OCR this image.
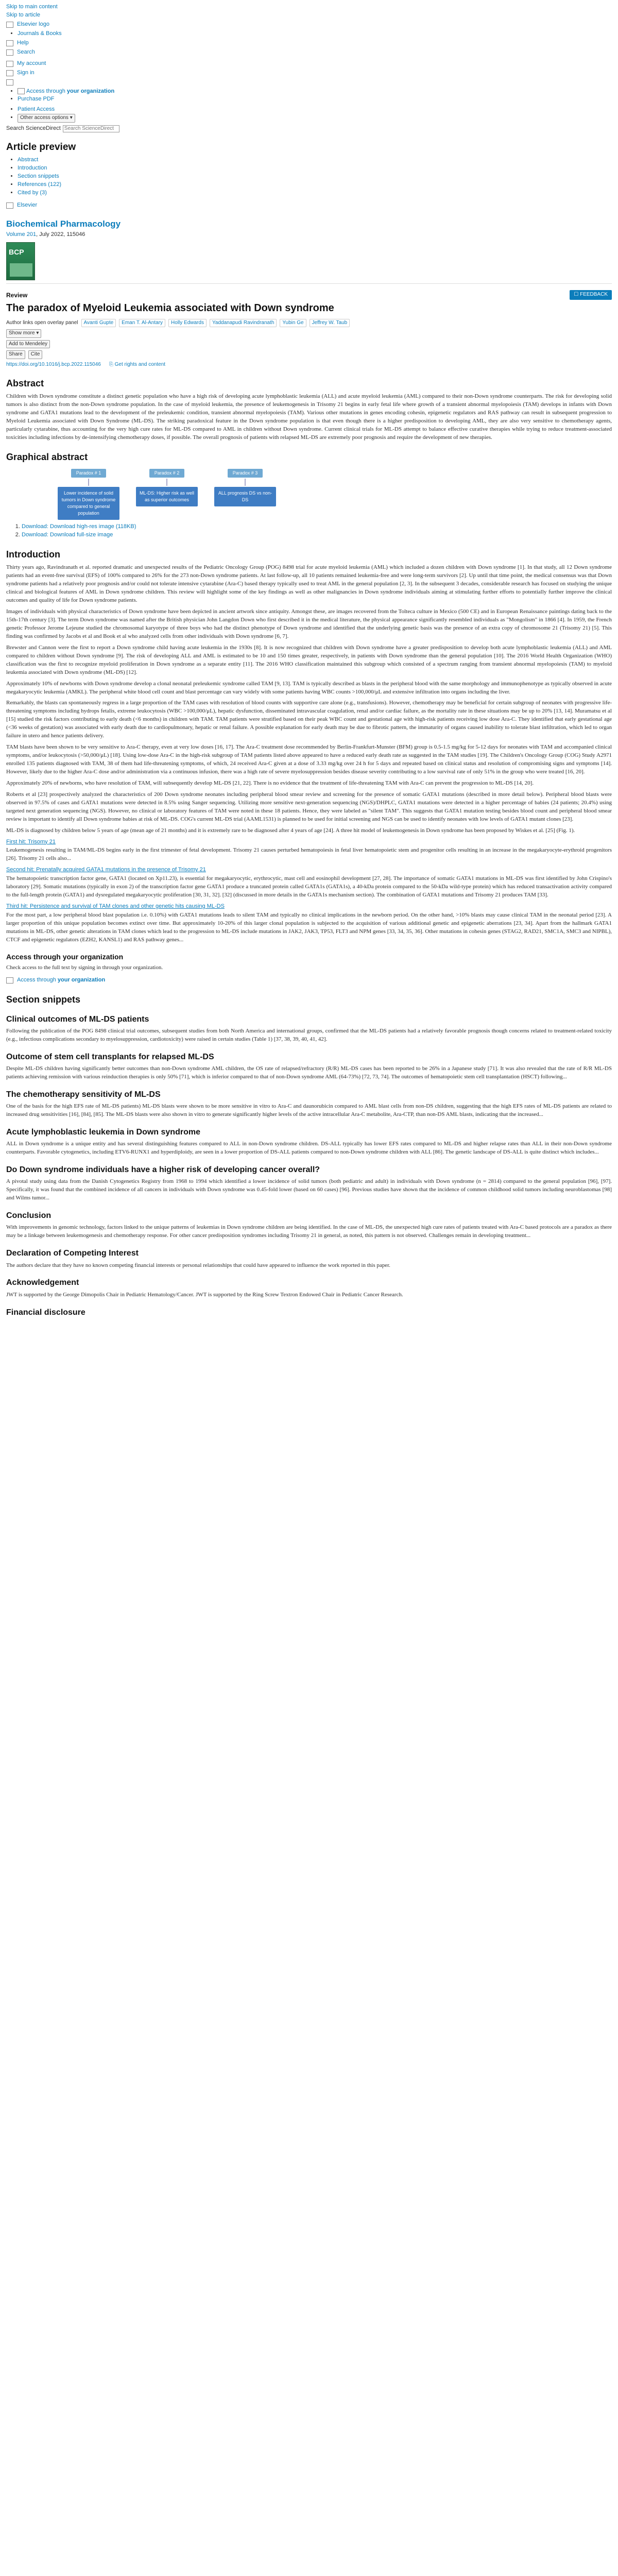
Skip to main content
Skip to article
Elsevier logo
• Journals & Books
Help
Search
My account
Sign in
• Access through your organization
• Purchase PDF
• Patient Access
• Other access options ▾
Search ScienceDirect
Search ScienceDirect
Article preview
• Abstract
• Introduction
• Section snippets
• References (122)
• Cited by (3)
Elsevier
Biochemical Pharmacology
Volume 201, July 2022, 115046
BCP
Review	☐ FEEDBACK
The paradox of Myeloid Leukemia associated with Down syndrome
Author links open overlay panel	Avanti Gupte	Eman T. Al-Antary	Holly Edwards	Yaddanapudi Ravindranath	Yubin Ge	Jeffrey W. Taub
Show more ▾
Add to Mendeley
Share	Cite
https://doi.org/10.1016/j.bcp.2022.115046 ⎘ Get rights and content
Abstract

Children with Down syndrome constitute a distinct genetic population who have a high risk of developing acute lymphoblastic leukemia (ALL) and acute myeloid leukemia (AML) compared to their non-Down syndrome counterparts. The risk for developing solid tumors is also distinct from the non-Down syndrome population. In the case of myeloid leukemia, the presence of leukemogenesis in Trisomy 21 begins in early fetal life where growth of a transient abnormal myelopoiesis (TAM) develops in infants with Down syndrome and GATA1 mutations lead to the development of the preleukemic condition, transient abnormal myelopoiesis (TAM). Various other mutations in genes encoding cohesin, epigenetic regulators and RAS pathway can result in subsequent progression to Myeloid Leukemia associated with Down Syndrome (ML-DS). The striking paradoxical feature in the Down syndrome population is that even though there is a higher predisposition to developing AML, they are also very sensitive to chemotherapy agents, particularly cytarabine, thus accounting for the very high cure rates for ML-DS compared to AML in children without Down syndrome. Current clinical trials for ML-DS attempt to balance effective curative therapies while trying to reduce treatment-associated toxicities including infections by de-intensifying chemotherapy doses, if possible. The overall prognosis of patients with relapsed ML-DS are extremely poor prognosis and require the development of new therapies.

Graphical abstract
Paradox # 1
Lower incidence of solid tumors in Down syndrome compared to general population
Paradox # 2
ML-DS: Higher risk as well as superior outcomes
Paradox # 3
ALL prognosis DS vs non-DS
1. Download: Download high-res image (118KB)
2. Download: Download full-size image
Introduction

Thirty years ago, Ravindranath et al. reported dramatic and unexpected results of the Pediatric Oncology Group (POG) 8498 trial for acute myeloid leukemia (AML) which included a dozen children with Down syndrome [1]. In that study, all 12 Down syndrome patients had an event-free survival (EFS) of 100% compared to 26% for the 273 non-Down syndrome patients. At last follow-up, all 10 patients remained leukemia-free and were long-term survivors [2]. Up until that time point, the medical consensus was that Down syndrome patients had a relatively poor prognosis and/or could not tolerate intensive cytarabine (Ara-C) based therapy typically used to treat AML in the general population [2, 3]. In the subsequent 3 decades, considerable research has focused on studying the unique clinical and biological features of AML in Down syndrome children. This review will highlight some of the key findings as well as other malignancies in Down syndrome individuals aiming at stimulating further efforts to potentially further improve the clinical outcomes and quality of life for Down syndrome patients.

Images of individuals with physical characteristics of Down syndrome have been depicted in ancient artwork since antiquity. Amongst these, are images recovered from the Tolteca culture in Mexico (500 CE) and in European Renaissance paintings dating back to the 15th-17th century [3]. The term Down syndrome was named after the British physician John Langdon Down who first described it in the medical literature, the physical appearance significantly resembled individuals as "Mongolism" in 1866 [4]. In 1959, the French genetic Professor Jerome Lejeune studied the chromosomal karyotype of three boys who had the distinct phenotype of Down syndrome and identified that the underlying genetic basis was the presence of an extra copy of chromosome 21 (Trisomy 21) [5]. This finding was confirmed by Jacobs et al and Book et al who analyzed cells from other individuals with Down syndrome [6, 7].

Brewster and Cannon were the first to report a Down syndrome child having acute leukemia in the 1930s [8]. It is now recognized that children with Down syndrome have a greater predisposition to develop both acute lymphoblastic leukemia (ALL) and AML compared to children without Down syndrome [9]. The risk of developing ALL and AML is estimated to be 10 and 150 times greater, respectively, in patients with Down syndrome than the general population [10]. The 2016 World Health Organization (WHO) classification was the first to recognize myeloid proliferation in Down syndrome as a separate entity [11]. The 2016 WHO classification maintained this subgroup which consisted of a spectrum ranging from transient abnormal myelopoiesis (TAM) to myeloid leukemia associated with Down syndrome (ML-DS) [12].

Approximately 10% of newborns with Down syndrome develop a clonal neonatal preleukemic syndrome called TAM [9, 13]. TAM is typically described as blasts in the peripheral blood with the same morphology and immunophenotype as typically observed in acute megakaryocytic leukemia (AMKL). The peripheral white blood cell count and blast percentage can vary widely with some patients having WBC counts >100,000/μL and extensive infiltration into organs including the liver.

Remarkably, the blasts can spontaneously regress in a large proportion of the TAM cases with resolution of blood counts with supportive care alone (e.g., transfusions). However, chemotherapy may be beneficial for certain subgroup of neonates with progressive life-threatening symptoms including hydrops fetalis, extreme leukocytosis (WBC >100,000/μL), hepatic dysfunction, disseminated intravascular coagulation, renal and/or cardiac failure, as the mortality rate in these situations may be up to 20% [13, 14]. Muramatsu et al [15] studied the risk factors contributing to early death (<6 months) in children with TAM. TAM patients were stratified based on their peak WBC count and gestational age with high-risk patients receiving low dose Ara-C. They identified that early gestational age (<36 weeks of gestation) was associated with early death due to cardiopulmonary, hepatic or renal failure. A possible explanation for early death may be due to fibrotic pattern, the immaturity of organs caused inability to tolerate blast infiltration, which led to organ failure in utero and hence patients delivery.

TAM blasts have been shown to be very sensitive to Ara-C therapy, even at very low doses [16, 17]. The Ara-C treatment dose recommended by Berlin-Frankfurt-Munster (BFM) group is 0.5-1.5 mg/kg for 5-12 days for neonates with TAM and accompanied clinical symptoms, and/or leukocytosis (>50,000/μL) [18]. Using low-dose Ara-C in the high-risk subgroup of TAM patients listed above appeared to have a reduced early death rate as suggested in the TAM studies [19]. The Children's Oncology Group (COG) Study A2971 enrolled 135 patients diagnosed with TAM, 38 of them had life-threatening symptoms, of which, 24 received Ara-C given at a dose of 3.33 mg/kg over 24 h for 5 days and repeated based on clinical status and resolution of compromising signs and symptoms [14]. However, likely due to the higher Ara-C dose and/or administration via a continuous infusion, there was a high rate of severe myelosuppression besides disease severity contributing to a low survival rate of only 51% in the group who were treated [16, 20].

Approximately 20% of newborns, who have resolution of TAM, will subsequently develop ML-DS [21, 22]. There is no evidence that the treatment of life-threatening TAM with Ara-C can prevent the progression to ML-DS [14, 20].

Roberts et al [23] prospectively analyzed the characteristics of 200 Down syndrome neonates including peripheral blood smear review and screening for the presence of somatic GATA1 mutations (described in more detail below). Peripheral blood blasts were observed in 97.5% of cases and GATA1 mutations were detected in 8.5% using Sanger sequencing. Utilizing more sensitive next-generation sequencing (NGS)/DHPLC, GATA1 mutations were detected in a higher percentage of babies (24 patients; 20.4%) using targeted next generation sequencing (NGS). However, no clinical or laboratory features of TAM were noted in these 18 patients. Hence, they were labeled as "silent TAM". This suggests that GATA1 mutation testing besides blood count and peripheral blood smear review is important to identify all Down syndrome babies at risk of ML-DS. COG's current ML-DS trial (AAML1531) is planned to be used for initial screening and NGS can be used to identify neonates with low levels of GATA1 mutant clones [23].

ML-DS is diagnosed by children below 5 years of age (mean age of 21 months) and it is extremely rare to be diagnosed after 4 years of age [24]. A three hit model of leukemogenesis in Down syndrome has been proposed by Wiskes et al. [25] (Fig. 1).

First hit: Trisomy 21

Leukemogenesis resulting in TAM/ML-DS begins early in the first trimester of fetal development. Trisomy 21 causes perturbed hematopoiesis in fetal liver hematopoietic stem and progenitor cells resulting in an increase in the megakaryocyte-erythroid progenitors [26]. Trisomy 21 cells also...

Second hit: Prenatally acquired GATA1 mutations in the presence of Trisomy 21

The hematopoietic transcription factor gene, GATA1 (located on Xp11.23), is essential for megakaryocytic, erythrocytic, mast cell and eosinophil development [27, 28]. The importance of somatic GATA1 mutations in ML-DS was first identified by John Crispino's laboratory [29]. Somatic mutations (typically in exon 2) of the transcription factor gene GATA1 produce a truncated protein called GATA1s (GATA1s), a 40-kDa protein compared to the 50-kDa wild-type protein) which has reduced transactivation activity compared to the full-length protein (GATA1) and dysregulated megakaryocytic proliferation [30, 31, 32]. [32] (discussed in more details in the GATA1s mechanism section). The combination of GATA1 mutations and Trisomy 21 produces TAM [33].

Third hit: Persistence and survival of TAM clones and other genetic hits causing ML-DS

For the most part, a low peripheral blood blast population i.e. 0.10%) with GATA1 mutations leads to silent TAM and typically no clinical implications in the newborn period. On the other hand, >10% blasts may cause clinical TAM in the neonatal period [23]. A larger proportion of this unique population becomes extinct over time. But approximately 10-20% of this larger clonal population is subjected to the acquisition of various additional genetic and epigenetic aberrations [23, 34]. Apart from the hallmark GATA1 mutations in ML-DS, other genetic alterations in TAM clones which lead to the progression to ML-DS include mutations in JAK2, JAK3, TP53, FLT3 and NPM genes [33, 34, 35, 36]. Other mutations in cohesin genes (STAG2, RAD21, SMC1A, SMC3 and NIPBL), CTCF and epigenetic regulators (EZH2, KANSL1) and RAS pathway genes...

Access through your organization

Check access to the full text by signing in through your organization.

Access through your organization
Section snippets
Clinical outcomes of ML-DS patients

Following the publication of the POG 8498 clinical trial outcomes, subsequent studies from both North America and international groups, confirmed that the ML-DS patients had a relatively favorable prognosis though concerns related to treatment-related toxicity (e.g., infectious complications secondary to myelosuppression, cardiotoxicity) were raised in certain studies (Table 1) [37, 38, 39, 40, 41, 42].

Outcome of stem cell transplants for relapsed ML-DS

Despite ML-DS children having significantly better outcomes than non-Down syndrome AML children, the OS rate of relapsed/refractory (R/R) ML-DS cases has been reported to be 26% in a Japanese study [71]. It was also revealed that the rate of R/R ML-DS patients achieving remission with various reinduction therapies is only 50% [71], which is inferior compared to that of non-Down syndrome AML (64-73%) [72, 73, 74]. The outcomes of hematopoietic stem cell transplantation (HSCT) following...

The chemotherapy sensitivity of ML-DS

One of the basis for the high EFS rate of ML-DS patients) ML-DS blasts were shown to be more sensitive in vitro to Ara-C and daunorubicin compared to AML blast cells from non-DS children, suggesting that the high EFS rates of ML-DS patients are related to increased drug sensitivities [16], [84], [85]. The ML-DS blasts were also shown in vitro to generate significantly higher levels of the active intracellular Ara-C metabolite, Ara-CTP, than non-DS AML blasts, indicating that the increased...

Acute lymphoblastic leukemia in Down syndrome

ALL in Down syndrome is a unique entity and has several distinguishing features compared to ALL in non-Down syndrome children. DS-ALL typically has lower EFS rates compared to ML-DS and higher relapse rates than ALL in their non-Down syndrome counterparts. Favorable cytogenetics, including ETV6-RUNX1 and hyperdiploidy, are seen in a lower proportion of DS-ALL patients compared to non-Down syndrome children with ALL [86]. The genetic landscape of DS-ALL is quite distinct which includes...

Do Down syndrome individuals have a higher risk of developing cancer overall?

A pivotal study using data from the Danish Cytogenetics Registry from 1968 to 1994 which identified a lower incidence of solid tumors (both pediatric and adult) in individuals with Down syndrome (n = 2814) compared to the general population [96], [97]. Specifically, it was found that the combined incidence of all cancers in individuals with Down syndrome was 0.45-fold lower (based on 60 cases) [96]. Previous studies have shown that the incidence of common childhood solid tumors including neuroblastomas [98] and Wilms tumor...

Conclusion

With improvements in genomic technology, factors linked to the unique patterns of leukemias in Down syndrome children are being identified. In the case of ML-DS, the unexpected high cure rates of patients treated with Ara-C based protocols are a paradox as there may be a linkage between leukemogenesis and chemotherapy response. For other cancer predisposition syndromes including Trisomy 21 in general, as noted, this pattern is not observed. Challenges remain in developing treatment...

Declaration of Competing Interest

The authors declare that they have no known competing financial interests or personal relationships that could have appeared to influence the work reported in this paper.

Acknowledgement

JWT is supported by the George Dimopolis Chair in Pediatric Hematology/Cancer. JWT is supported by the Ring Screw Textron Endowed Chair in Pediatric Cancer Research.

Financial disclosure
